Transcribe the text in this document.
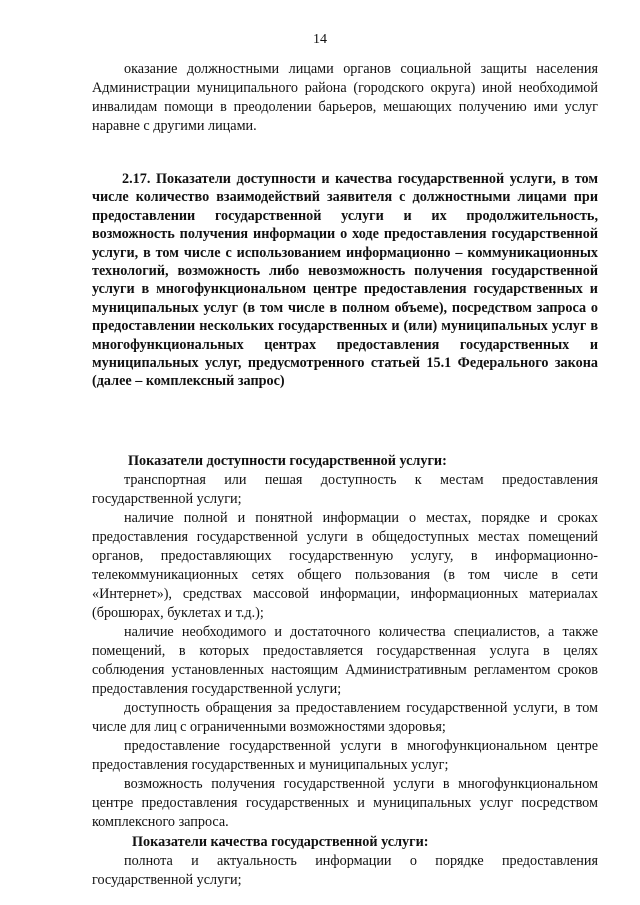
14

оказание должностными лицами органов социальной защиты населения Администрации муниципального района (городского округа) иной необходимой инвалидам помощи в преодолении барьеров, мешающих получению ими услуг наравне с другими лицами.

2.17. Показатели доступности и качества государственной услуги, в том числе количество взаимодействий заявителя с должностными лицами при предоставлении государственной услуги и их продолжительность, возможность получения информации о ходе предоставления государственной услуги, в том числе с использованием информационно – коммуникационных технологий, возможность либо невозможность получения государственной услуги в многофункциональном центре предоставления государственных и муниципальных услуг (в том числе в полном объеме), посредством запроса о предоставлении нескольких государственных и (или) муниципальных услуг в многофункциональных центрах предоставления государственных и муниципальных услуг, предусмотренного статьей 15.1 Федерального закона (далее – комплексный запрос)

Показатели доступности государственной услуги:

транспортная или пешая доступность к местам предоставления государственной услуги;

наличие полной и понятной информации о местах, порядке и сроках предоставления государственной услуги в общедоступных местах помещений органов, предоставляющих государственную услугу, в информационно-телекоммуникационных сетях общего пользования (в том числе в сети «Интернет»), средствах массовой информации, информационных материалах (брошюрах, буклетах и т.д.);

наличие необходимого и достаточного количества специалистов, а также помещений, в которых предоставляется государственная услуга в целях соблюдения установленных настоящим Административным регламентом сроков предоставления государственной услуги;

доступность обращения за предоставлением государственной услуги, в том числе для лиц с ограниченными возможностями здоровья;

предоставление государственной услуги в многофункциональном центре предоставления государственных и муниципальных услуг;

возможность получения государственной услуги в многофункциональном центре предоставления государственных и муниципальных услуг посредством комплексного запроса.

Показатели качества государственной услуги:

полнота и актуальность информации о порядке предоставления государственной услуги;
